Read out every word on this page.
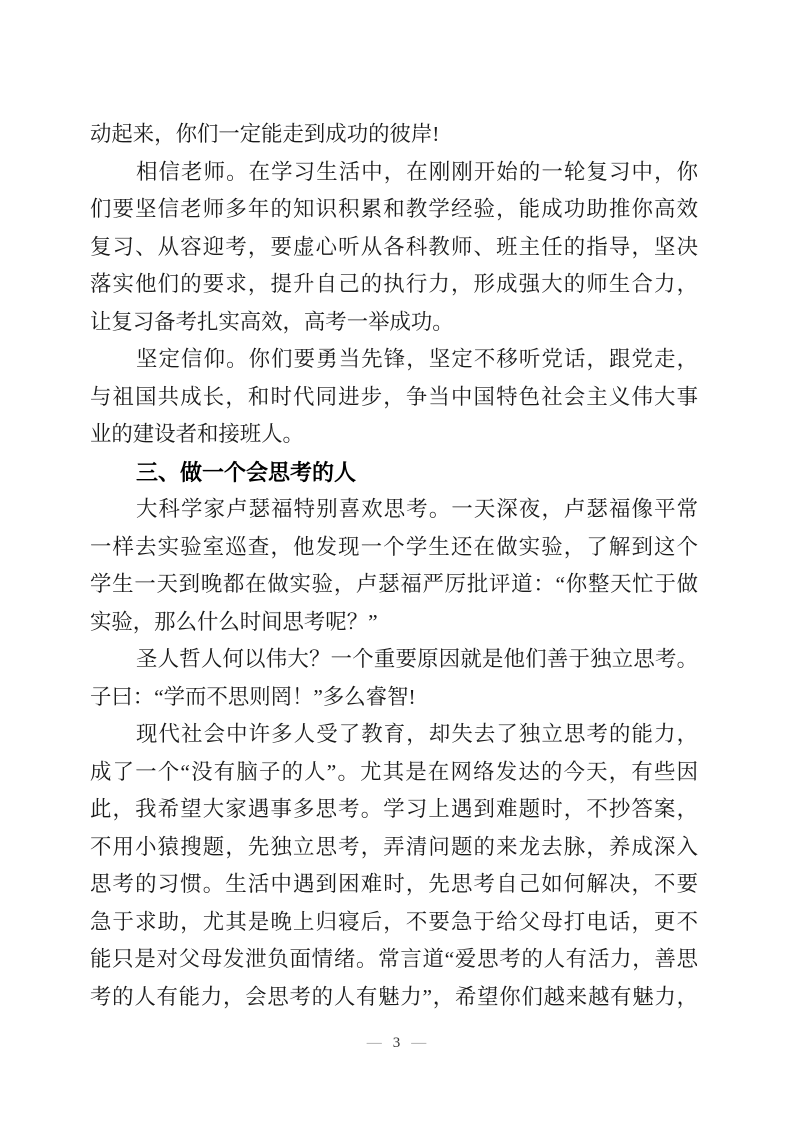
动起来，你们一定能走到成功的彼岸!
相信老师。在学习生活中，在刚刚开始的一轮复习中，你
们要坚信老师多年的知识积累和教学经验，能成功助推你高效
复习、从容迎考，要虚心听从各科教师、班主任的指导，坚决
落实他们的要求，提升自己的执行力，形成强大的师生合力，
让复习备考扎实高效，高考一举成功。
坚定信仰。你们要勇当先锋，坚定不移听党话，跟党走，
与祖国共成长，和时代同进步，争当中国特色社会主义伟大事
业的建设者和接班人。
三、做一个会思考的人
大科学家卢瑟福特别喜欢思考。一天深夜，卢瑟福像平常
一样去实验室巡查，他发现一个学生还在做实验，了解到这个
学生一天到晚都在做实验，卢瑟福严厉批评道：“你整天忙于做
实验，那么什么时间思考呢？”
圣人哲人何以伟大？一个重要原因就是他们善于独立思考。
子曰：“学而不思则罔！”多么睿智!
现代社会中许多人受了教育，却失去了独立思考的能力，
成了一个“没有脑子的人”。尤其是在网络发达的今天，有些因
此，我希望大家遇事多思考。学习上遇到难题时，不抄答案，
不用小猿搜题，先独立思考，弄清问题的来龙去脉，养成深入
思考的习惯。生活中遇到困难时，先思考自己如何解决，不要
急于求助，尤其是晚上归寝后，不要急于给父母打电话，更不
能只是对父母发泄负面情绪。常言道“爱思考的人有活力，善思
考的人有能力，会思考的人有魅力”，希望你们越来越有魅力，
— 3 —
